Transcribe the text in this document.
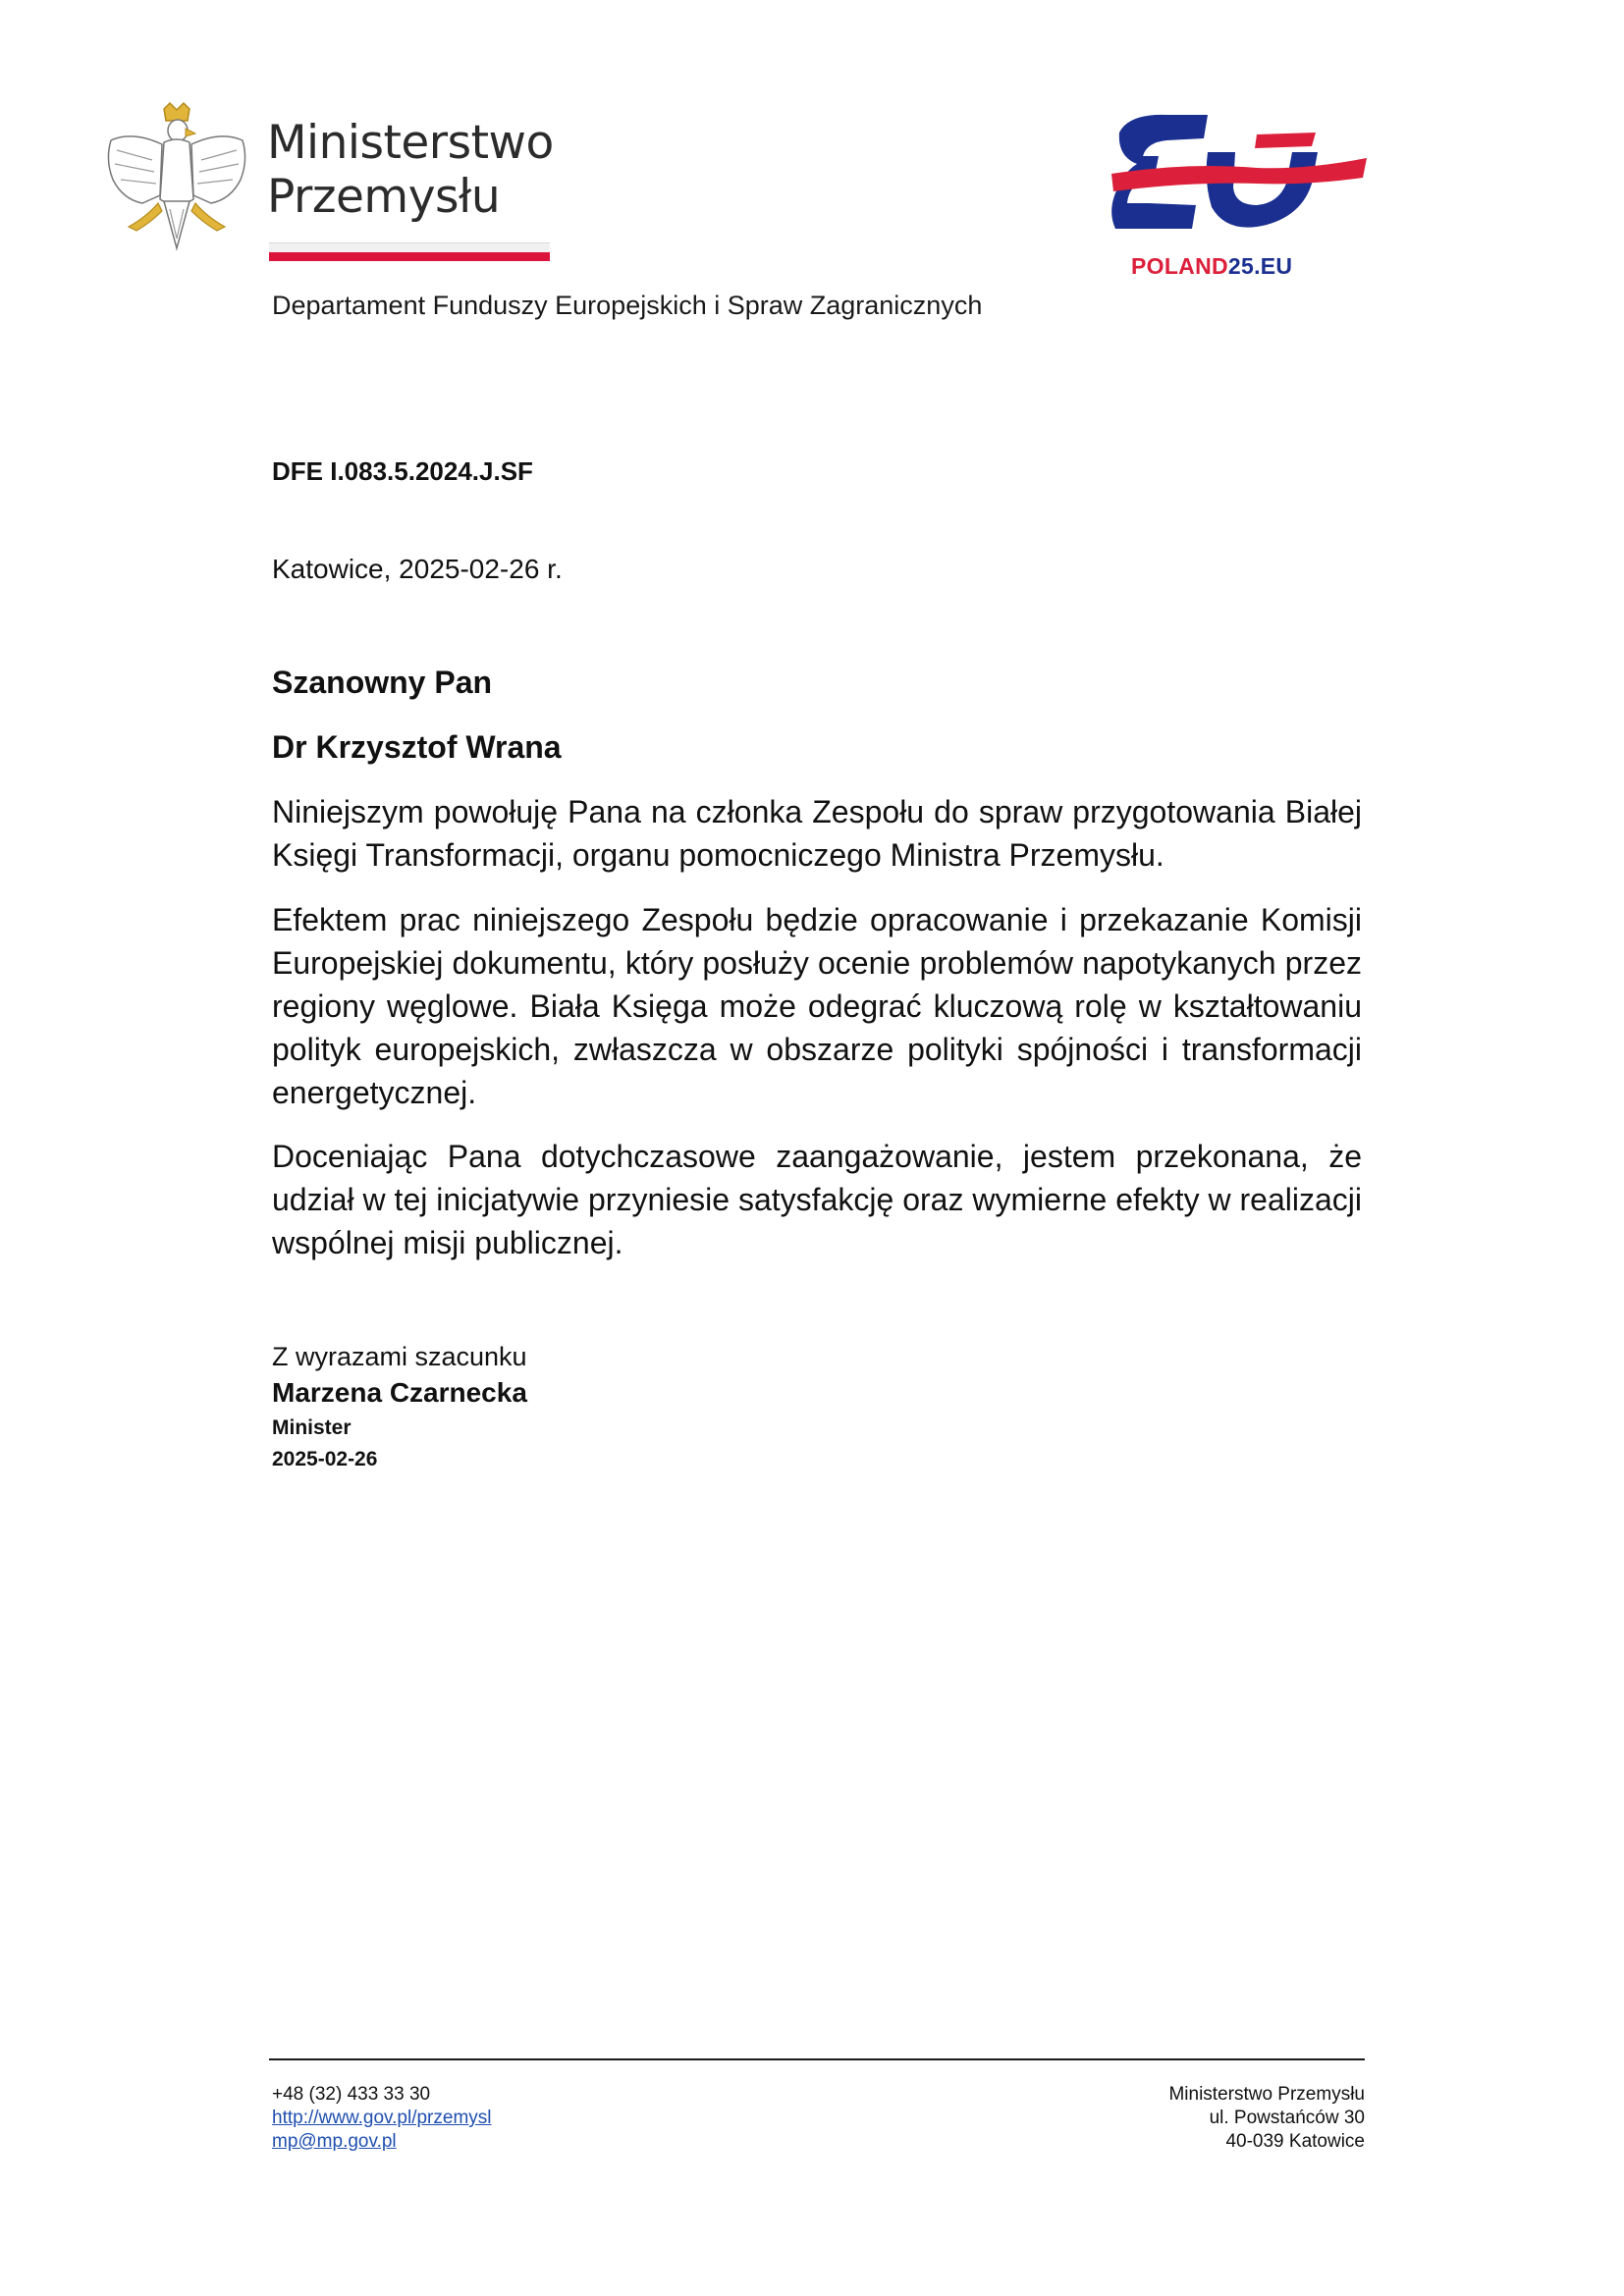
Ministerstwo
Przemysłu
Departament Funduszy Europejskich i Spraw Zagranicznych
POLAND25.EU
DFE I.083.5.2024.J.SF
Katowice, 2025-02-26 r.
Szanowny Pan
Dr Krzysztof Wrana
Niniejszym powołuję Pana na członka Zespołu do spraw przygotowania Białej Księgi Transformacji, organu pomocniczego Ministra Przemysłu.
Efektem prac niniejszego Zespołu będzie opracowanie i przekazanie Komisji Europejskiej dokumentu, który posłuży ocenie problemów napotykanych przez regiony węglowe. Biała Księga może odegrać kluczową rolę w kształtowaniu polityk europejskich, zwłaszcza w obszarze polityki spójności i transformacji energetycznej.
Doceniając Pana dotychczasowe zaangażowanie, jestem przekonana, że udział w tej inicjatywie przyniesie satysfakcję oraz wymierne efekty w realizacji wspólnej misji publicznej.
Z wyrazami szacunku
Marzena Czarnecka
Minister
2025-02-26
+48 (32) 433 33 30
http://www.gov.pl/przemysl
mp@mp.gov.pl
Ministerstwo Przemysłu
ul. Powstańców 30
40-039 Katowice
